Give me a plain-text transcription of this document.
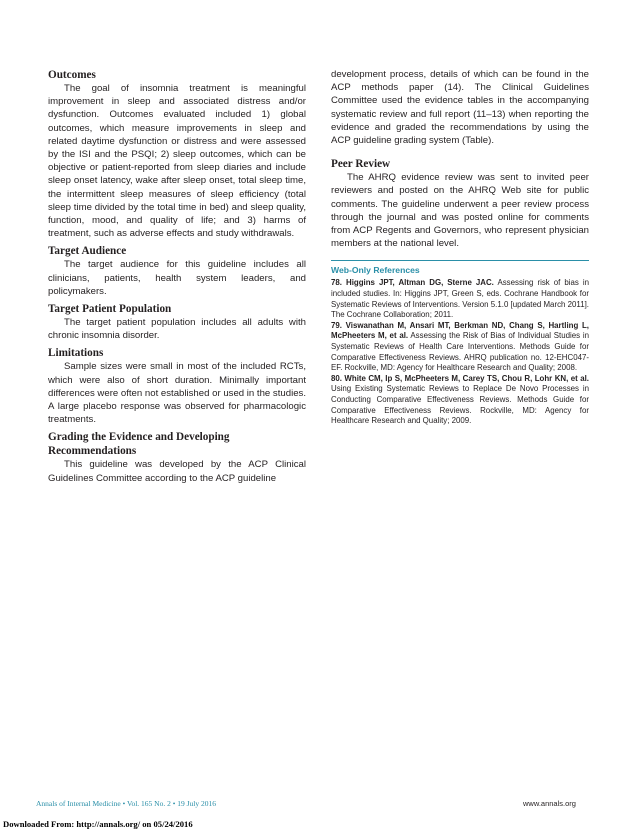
Outcomes

The goal of insomnia treatment is meaningful improvement in sleep and associated distress and/or dysfunction. Outcomes evaluated included 1) global outcomes, which measure improvements in sleep and related daytime dysfunction or distress and were assessed by the ISI and the PSQI; 2) sleep outcomes, which can be objective or patient-reported from sleep diaries and include sleep onset latency, wake after sleep onset, total sleep time, the intermittent sleep measures of sleep efficiency (total sleep time divided by the total time in bed) and sleep quality, function, mood, and quality of life; and 3) harms of treatment, such as adverse effects and study withdrawals.

Target Audience

The target audience for this guideline includes all clinicians, patients, health system leaders, and policymakers.

Target Patient Population

The target patient population includes all adults with chronic insomnia disorder.

Limitations

Sample sizes were small in most of the included RCTs, which were also of short duration. Minimally important differences were often not established or used in the studies. A large placebo response was observed for pharmacologic treatments.

Grading the Evidence and Developing Recommendations

This guideline was developed by the ACP Clinical Guidelines Committee according to the ACP guideline

development process, details of which can be found in the ACP methods paper (14). The Clinical Guidelines Committee used the evidence tables in the accompanying systematic review and full report (11–13) when reporting the evidence and graded the recommendations by using the ACP guideline grading system (Table).

Peer Review

The AHRQ evidence review was sent to invited peer reviewers and posted on the AHRQ Web site for public comments. The guideline underwent a peer review process through the journal and was posted online for comments from ACP Regents and Governors, who represent physician members at the national level.

Web-Only References

78. Higgins JPT, Altman DG, Sterne JAC. Assessing risk of bias in included studies. In: Higgins JPT, Green S, eds. Cochrane Handbook for Systematic Reviews of Interventions. Version 5.1.0 [updated March 2011]. The Cochrane Collaboration; 2011.

79. Viswanathan M, Ansari MT, Berkman ND, Chang S, Hartling L, McPheeters M, et al. Assessing the Risk of Bias of Individual Studies in Systematic Reviews of Health Care Interventions. Methods Guide for Comparative Effectiveness Reviews. AHRQ publication no. 12-EHC047-EF. Rockville, MD: Agency for Healthcare Research and Quality; 2008.

80. White CM, Ip S, McPheeters M, Carey TS, Chou R, Lohr KN, et al. Using Existing Systematic Reviews to Replace De Novo Processes in Conducting Comparative Effectiveness Reviews. Methods Guide for Comparative Effectiveness Reviews. Rockville, MD: Agency for Healthcare Research and Quality; 2009.

Annals of Internal Medicine • Vol. 165 No. 2 • 19 July 2016	www.annals.org
Downloaded From: http://annals.org/ on 05/24/2016
